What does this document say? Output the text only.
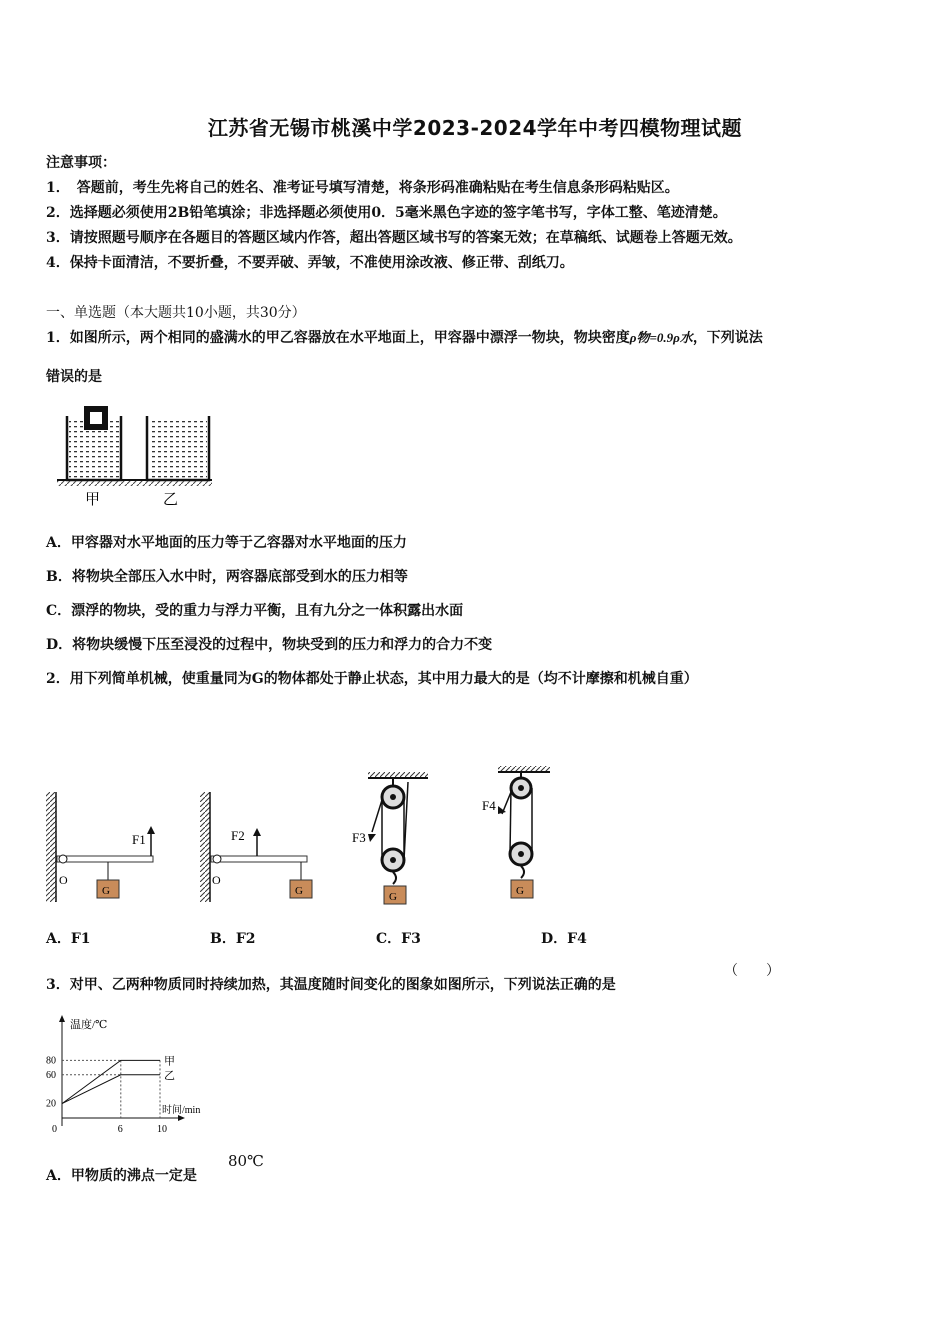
江苏省无锡市桃溪中学2023-2024学年中考四模物理试题
注意事项：
1．　答题前，考生先将自己的姓名、准考证号填写清楚，将条形码准确粘贴在考生信息条形码粘贴区。
2．选择题必须使用2B铅笔填涂；非选择题必须使用0．5毫米黑色字迹的签字笔书写，字体工整、笔迹清楚。
3．请按照题号顺序在各题目的答题区域内作答，超出答题区域书写的答案无效；在草稿纸、试题卷上答题无效。
4．保持卡面清洁，不要折叠，不要弄破、弄皱，不准使用涂改液、修正带、刮纸刀。
一、单选题（本大题共10小题，共30分）
1．如图所示，两个相同的盛满水的甲乙容器放在水平地面上，甲容器中漂浮一物块，物块密度ρ物=0.9ρ水，下列说法
错误的是
甲	乙
A．甲容器对水平地面的压力等于乙容器对水平地面的压力
B．将物块全部压入水中时，两容器底部受到水的压力相等
C．漂浮的物块，受的重力与浮力平衡，且有九分之一体积露出水面
D．将物块缓慢下压至浸没的过程中，物块受到的压力和浮力的合力不变
2．用下列简单机械，使重量同为G的物体都处于静止状态，其中用力最大的是（均不计摩擦和机械自重）
O
G
F1
O
G
F2	F3
G
F4
G
A．F1	B．F2	C．F3	D．F4
3．对甲、乙两种物质同时持续加热，其温度随时间变化的图象如图所示，下列说法正确的是
（　　）
温度/℃
时间/min
20
60
80
0	6	10
甲
乙
A．甲物质的沸点一定是
80℃
